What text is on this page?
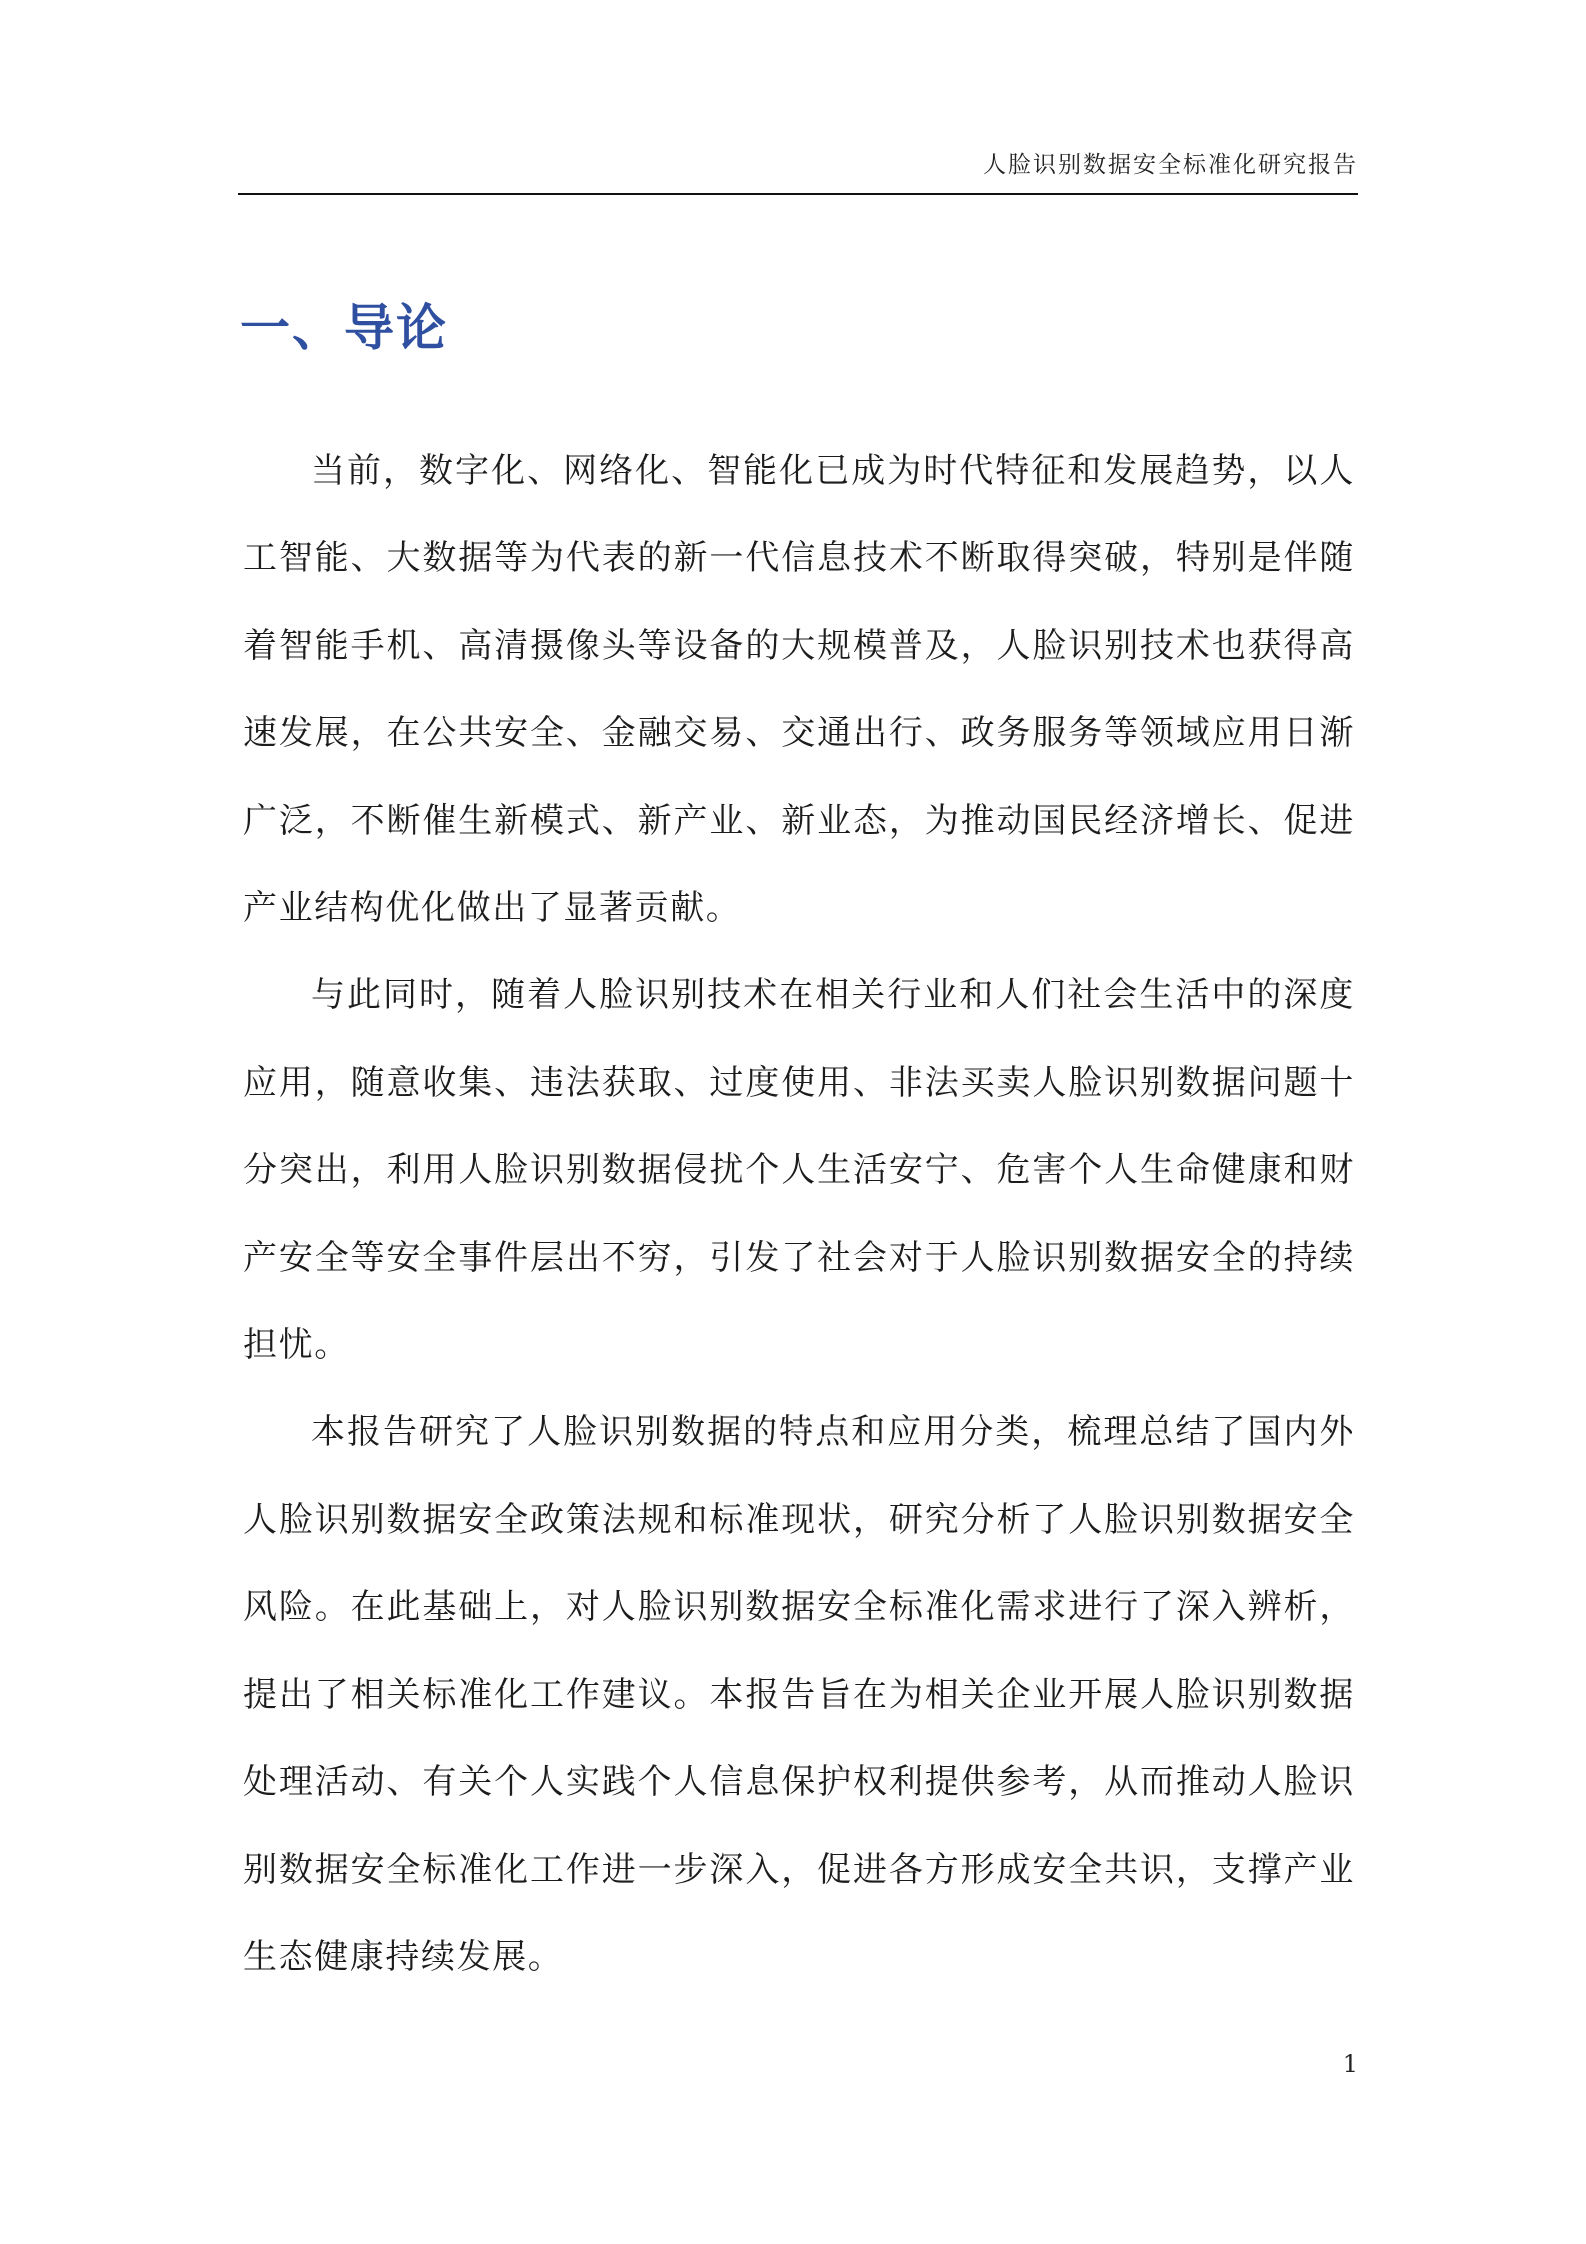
人脸识别数据安全标准化研究报告
一、导论

当前，数字化、网络化、智能化已成为时代特征和发展趋势，以人工智能、大数据等为代表的新一代信息技术不断取得突破，特别是伴随着智能手机、高清摄像头等设备的大规模普及，人脸识别技术也获得高速发展，在公共安全、金融交易、交通出行、政务服务等领域应用日渐广泛，不断催生新模式、新产业、新业态，为推动国民经济增长、促进产业结构优化做出了显著贡献。

与此同时，随着人脸识别技术在相关行业和人们社会生活中的深度应用，随意收集、违法获取、过度使用、非法买卖人脸识别数据问题十分突出，利用人脸识别数据侵扰个人生活安宁、危害个人生命健康和财产安全等安全事件层出不穷，引发了社会对于人脸识别数据安全的持续担忧。

本报告研究了人脸识别数据的特点和应用分类，梳理总结了国内外人脸识别数据安全政策法规和标准现状，研究分析了人脸识别数据安全风险。在此基础上，对人脸识别数据安全标准化需求进行了深入辨析，提出了相关标准化工作建议。本报告旨在为相关企业开展人脸识别数据处理活动、有关个人实践个人信息保护权利提供参考，从而推动人脸识别数据安全标准化工作进一步深入，促进各方形成安全共识，支撑产业生态健康持续发展。

1
